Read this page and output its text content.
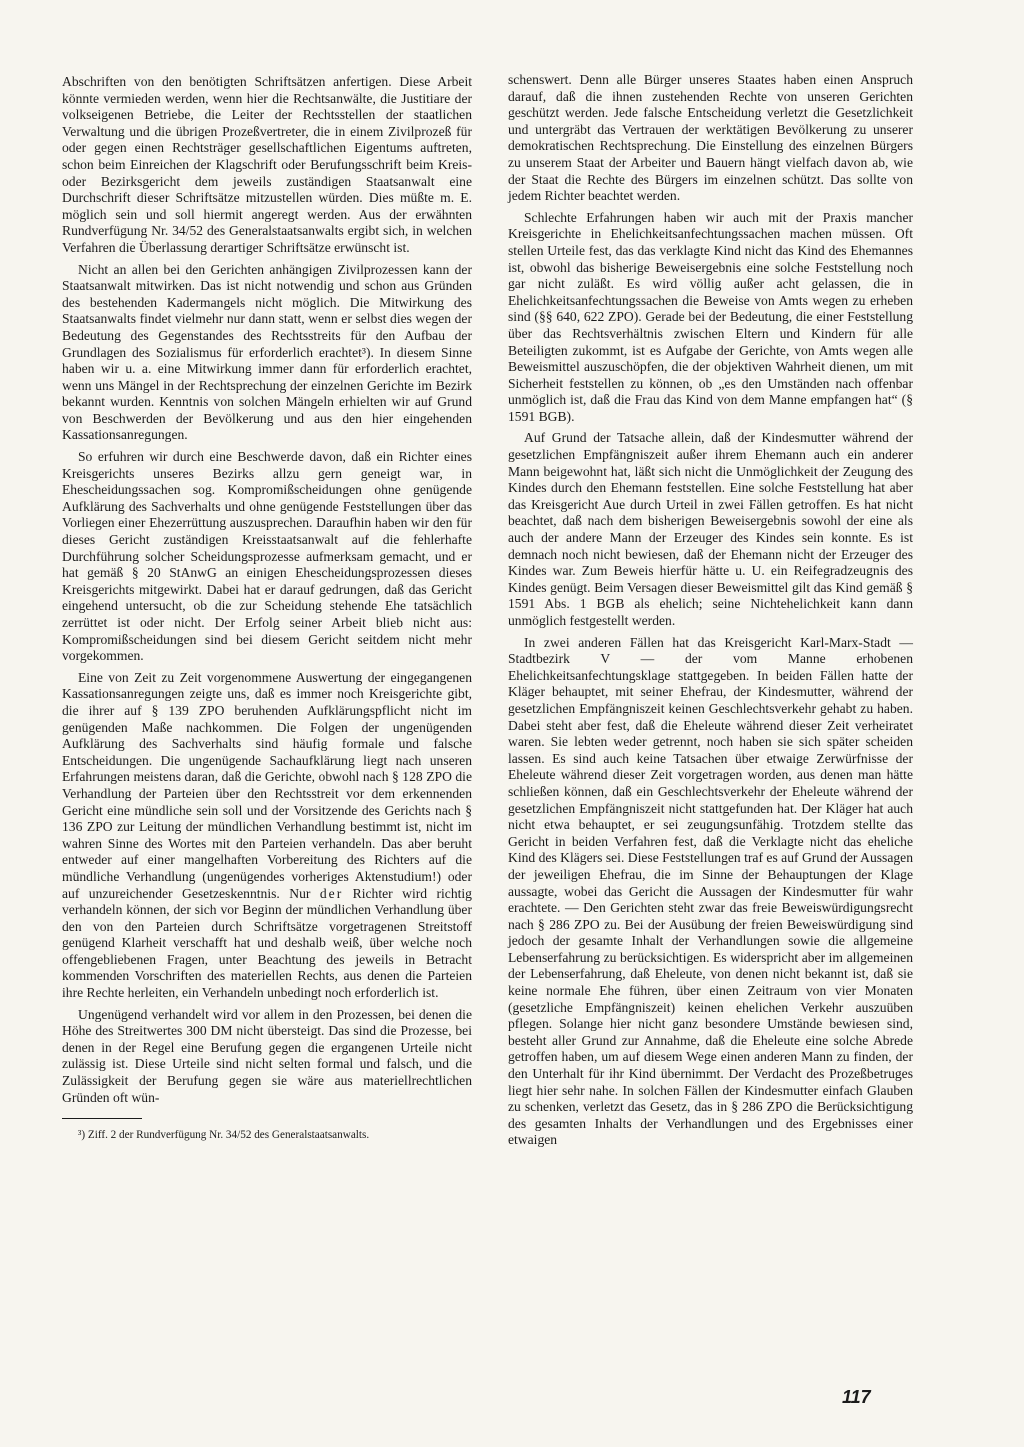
Abschriften von den benötigten Schriftsätzen anfertigen. Diese Arbeit könnte vermieden werden, wenn hier die Rechtsanwälte, die Justitiare der volkseigenen Betriebe, die Leiter der Rechtsstellen der staatlichen Verwaltung und die übrigen Prozeßvertreter, die in einem Zivilprozeß für oder gegen einen Rechtsträger gesellschaftlichen Eigentums auftreten, schon beim Einreichen der Klagschrift oder Berufungsschrift beim Kreis- oder Bezirksgericht dem jeweils zuständigen Staatsanwalt eine Durchschrift dieser Schriftsätze mitzustellen würden. Dies müßte m. E. möglich sein und soll hiermit angeregt werden. Aus der erwähnten Rundverfügung Nr. 34/52 des Generalstaatsanwalts ergibt sich, in welchen Verfahren die Überlassung derartiger Schriftsätze erwünscht ist.

Nicht an allen bei den Gerichten anhängigen Zivilprozessen kann der Staatsanwalt mitwirken. Das ist nicht notwendig und schon aus Gründen des bestehenden Kadermangels nicht möglich. Die Mitwirkung des Staatsanwalts findet vielmehr nur dann statt, wenn er selbst dies wegen der Bedeutung des Gegenstandes des Rechtsstreits für den Aufbau der Grundlagen des Sozialismus für erforderlich erachtet³). In diesem Sinne haben wir u. a. eine Mitwirkung immer dann für erforderlich erachtet, wenn uns Mängel in der Rechtsprechung der einzelnen Gerichte im Bezirk bekannt wurden. Kenntnis von solchen Mängeln erhielten wir auf Grund von Beschwerden der Bevölkerung und aus den hier eingehenden Kassationsanregungen.

So erfuhren wir durch eine Beschwerde davon, daß ein Richter eines Kreisgerichts unseres Bezirks allzu gern geneigt war, in Ehescheidungssachen sog. Kompromißscheidungen ohne genügende Aufklärung des Sachverhalts und ohne genügende Feststellungen über das Vorliegen einer Ehezerrüttung auszusprechen. Daraufhin haben wir den für dieses Gericht zuständigen Kreisstaatsanwalt auf die fehlerhafte Durchführung solcher Scheidungsprozesse aufmerksam gemacht, und er hat gemäß § 20 StAnwG an einigen Ehescheidungsprozessen dieses Kreisgerichts mitgewirkt. Dabei hat er darauf gedrungen, daß das Gericht eingehend untersucht, ob die zur Scheidung stehende Ehe tatsächlich zerrüttet ist oder nicht. Der Erfolg seiner Arbeit blieb nicht aus: Kompromißscheidungen sind bei diesem Gericht seitdem nicht mehr vorgekommen.

Eine von Zeit zu Zeit vorgenommene Auswertung der eingegangenen Kassationsanregungen zeigte uns, daß es immer noch Kreisgerichte gibt, die ihrer auf § 139 ZPO beruhenden Aufklärungspflicht nicht im genügenden Maße nachkommen. Die Folgen der ungenügenden Aufklärung des Sachverhalts sind häufig formale und falsche Entscheidungen. Die ungenügende Sachaufklärung liegt nach unseren Erfahrungen meistens daran, daß die Gerichte, obwohl nach § 128 ZPO die Verhandlung der Parteien über den Rechtsstreit vor dem erkennenden Gericht eine mündliche sein soll und der Vorsitzende des Gerichts nach § 136 ZPO zur Leitung der mündlichen Verhandlung bestimmt ist, nicht im wahren Sinne des Wortes mit den Parteien verhandeln. Das aber beruht entweder auf einer mangelhaften Vorbereitung des Richters auf die mündliche Verhandlung (ungenügendes vorheriges Aktenstudium!) oder auf unzureichender Gesetzeskenntnis. Nur der Richter wird richtig verhandeln können, der sich vor Beginn der mündlichen Verhandlung über den von den Parteien durch Schriftsätze vorgetragenen Streitstoff genügend Klarheit verschafft hat und deshalb weiß, über welche noch offengebliebenen Fragen, unter Beachtung des jeweils in Betracht kommenden Vorschriften des materiellen Rechts, aus denen die Parteien ihre Rechte herleiten, ein Verhandeln unbedingt noch erforderlich ist.

Ungenügend verhandelt wird vor allem in den Prozessen, bei denen die Höhe des Streitwertes 300 DM nicht übersteigt. Das sind die Prozesse, bei denen in der Regel eine Berufung gegen die ergangenen Urteile nicht zulässig ist. Diese Urteile sind nicht selten formal und falsch, und die Zulässigkeit der Berufung gegen sie wäre aus materiellrechtlichen Gründen oft wün-

³) Ziff. 2 der Rundverfügung Nr. 34/52 des Generalstaatsanwalts.

schenswert. Denn alle Bürger unseres Staates haben einen Anspruch darauf, daß die ihnen zustehenden Rechte von unseren Gerichten geschützt werden. Jede falsche Entscheidung verletzt die Gesetzlichkeit und untergräbt das Vertrauen der werktätigen Bevölkerung zu unserer demokratischen Rechtsprechung. Die Einstellung des einzelnen Bürgers zu unserem Staat der Arbeiter und Bauern hängt vielfach davon ab, wie der Staat die Rechte des Bürgers im einzelnen schützt. Das sollte von jedem Richter beachtet werden.

Schlechte Erfahrungen haben wir auch mit der Praxis mancher Kreisgerichte in Ehelichkeitsanfechtungssachen machen müssen. Oft stellen Urteile fest, das das verklagte Kind nicht das Kind des Ehemannes ist, obwohl das bisherige Beweisergebnis eine solche Feststellung noch gar nicht zuläßt. Es wird völlig außer acht gelassen, die in Ehelichkeitsanfechtungssachen die Beweise von Amts wegen zu erheben sind (§§ 640, 622 ZPO). Gerade bei der Bedeutung, die einer Feststellung über das Rechtsverhältnis zwischen Eltern und Kindern für alle Beteiligten zukommt, ist es Aufgabe der Gerichte, von Amts wegen alle Beweismittel auszuschöpfen, die der objektiven Wahrheit dienen, um mit Sicherheit feststellen zu können, ob „es den Umständen nach offenbar unmöglich ist, daß die Frau das Kind von dem Manne empfangen hat“ (§ 1591 BGB).

Auf Grund der Tatsache allein, daß der Kindesmutter während der gesetzlichen Empfängniszeit außer ihrem Ehemann auch ein anderer Mann beigewohnt hat, läßt sich nicht die Unmöglichkeit der Zeugung des Kindes durch den Ehemann feststellen. Eine solche Feststellung hat aber das Kreisgericht Aue durch Urteil in zwei Fällen getroffen. Es hat nicht beachtet, daß nach dem bisherigen Beweisergebnis sowohl der eine als auch der andere Mann der Erzeuger des Kindes sein konnte. Es ist demnach noch nicht bewiesen, daß der Ehemann nicht der Erzeuger des Kindes war. Zum Beweis hierfür hätte u. U. ein Reifegradzeugnis des Kindes genügt. Beim Versagen dieser Beweismittel gilt das Kind gemäß § 1591 Abs. 1 BGB als ehelich; seine Nichtehelichkeit kann dann unmöglich festgestellt werden.

In zwei anderen Fällen hat das Kreisgericht Karl-Marx-Stadt — Stadtbezirk V — der vom Manne erhobenen Ehelichkeitsanfechtungsklage stattgegeben. In beiden Fällen hatte der Kläger behauptet, mit seiner Ehefrau, der Kindesmutter, während der gesetzlichen Empfängniszeit keinen Geschlechtsverkehr gehabt zu haben. Dabei steht aber fest, daß die Eheleute während dieser Zeit verheiratet waren. Sie lebten weder getrennt, noch haben sie sich später scheiden lassen. Es sind auch keine Tatsachen über etwaige Zerwürfnisse der Eheleute während dieser Zeit vorgetragen worden, aus denen man hätte schließen können, daß ein Geschlechtsverkehr der Eheleute während der gesetzlichen Empfängniszeit nicht stattgefunden hat. Der Kläger hat auch nicht etwa behauptet, er sei zeugungsunfähig. Trotzdem stellte das Gericht in beiden Verfahren fest, daß die Verklagte nicht das eheliche Kind des Klägers sei. Diese Feststellungen traf es auf Grund der Aussagen der jeweiligen Ehefrau, die im Sinne der Behauptungen der Klage aussagte, wobei das Gericht die Aussagen der Kindesmutter für wahr erachtete. — Den Gerichten steht zwar das freie Beweiswürdigungsrecht nach § 286 ZPO zu. Bei der Ausübung der freien Beweiswürdigung sind jedoch der gesamte Inhalt der Verhandlungen sowie die allgemeine Lebenserfahrung zu berücksichtigen. Es widerspricht aber im allgemeinen der Lebenserfahrung, daß Eheleute, von denen nicht bekannt ist, daß sie keine normale Ehe führen, über einen Zeitraum von vier Monaten (gesetzliche Empfängniszeit) keinen ehelichen Verkehr auszuüben pflegen. Solange hier nicht ganz besondere Umstände bewiesen sind, besteht aller Grund zur Annahme, daß die Eheleute eine solche Abrede getroffen haben, um auf diesem Wege einen anderen Mann zu finden, der den Unterhalt für ihr Kind übernimmt. Der Verdacht des Prozeßbetruges liegt hier sehr nahe. In solchen Fällen der Kindesmutter einfach Glauben zu schenken, verletzt das Gesetz, das in § 286 ZPO die Berücksichtigung des gesamten Inhalts der Verhandlungen und des Ergebnisses einer etwaigen

117
